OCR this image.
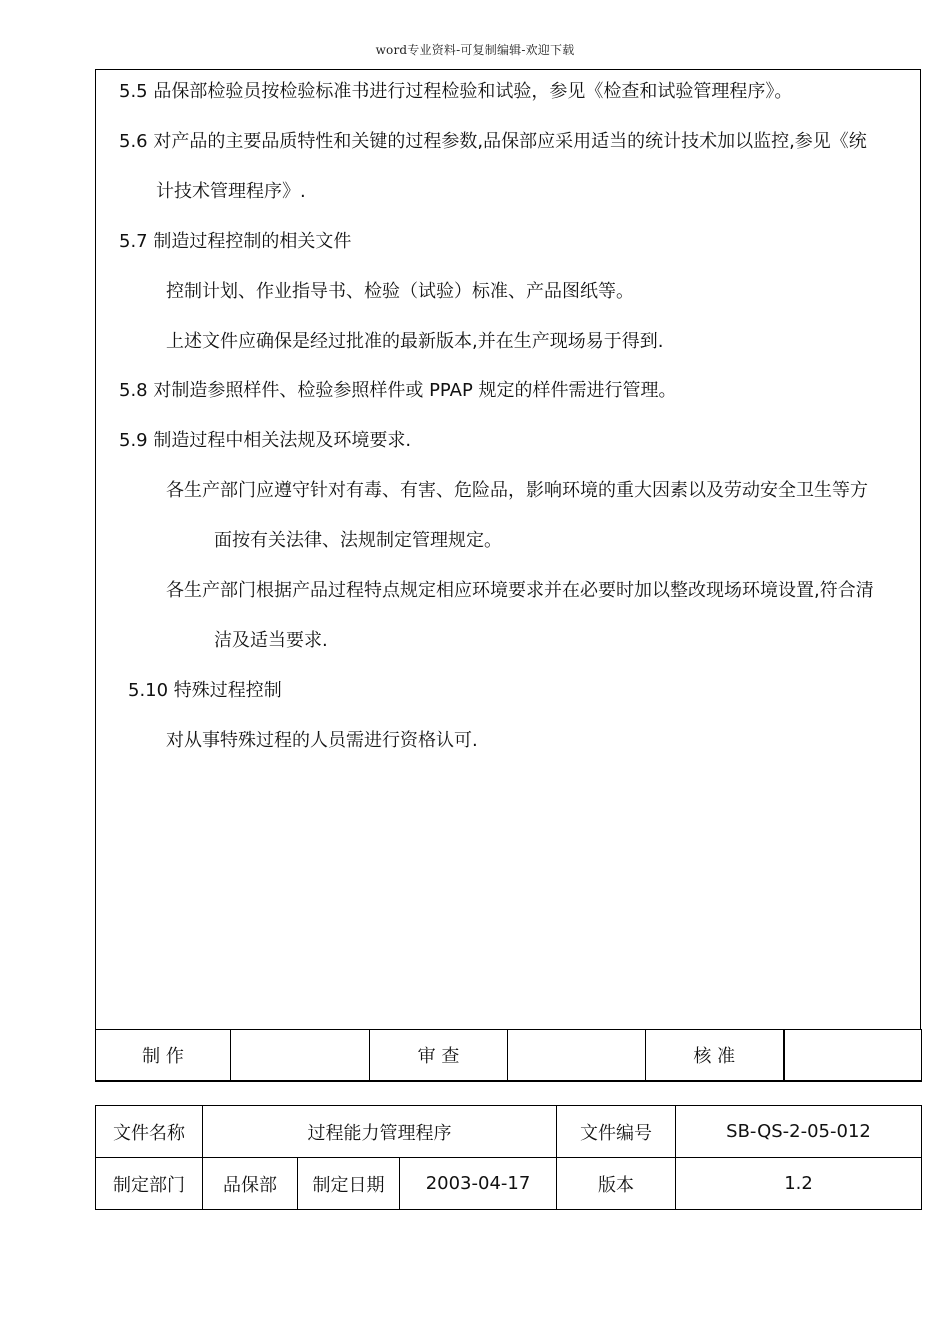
word专业资料-可复制编辑-欢迎下载
5.5 品保部检验员按检验标准书进行过程检验和试验，参见《检查和试验管理程序》。
5.6 对产品的主要品质特性和关键的过程参数,品保部应采用适当的统计技术加以监控,参见《统
计技术管理程序》.
5.7 制造过程控制的相关文件
控制计划、作业指导书、检验（试验）标准、产品图纸等。
上述文件应确保是经过批准的最新版本,并在生产现场易于得到.
5.8 对制造参照样件、检验参照样件或 PPAP 规定的样件需进行管理。
5.9 制造过程中相关法规及环境要求.
各生产部门应遵守针对有毒、有害、危险品，影响环境的重大因素以及劳动安全卫生等方
面按有关法律、法规制定管理规定。
各生产部门根据产品过程特点规定相应环境要求并在必要时加以整改现场环境设置,符合清
洁及适当要求.
5.10 特殊过程控制
对从事特殊过程的人员需进行资格认可.
制 作		审 查		核 准	
文件名称	过程能力管理程序			文件编号	SB-QS-2-05-012
制定部门	品保部	制定日期	2003-04-17	版本	1.2
